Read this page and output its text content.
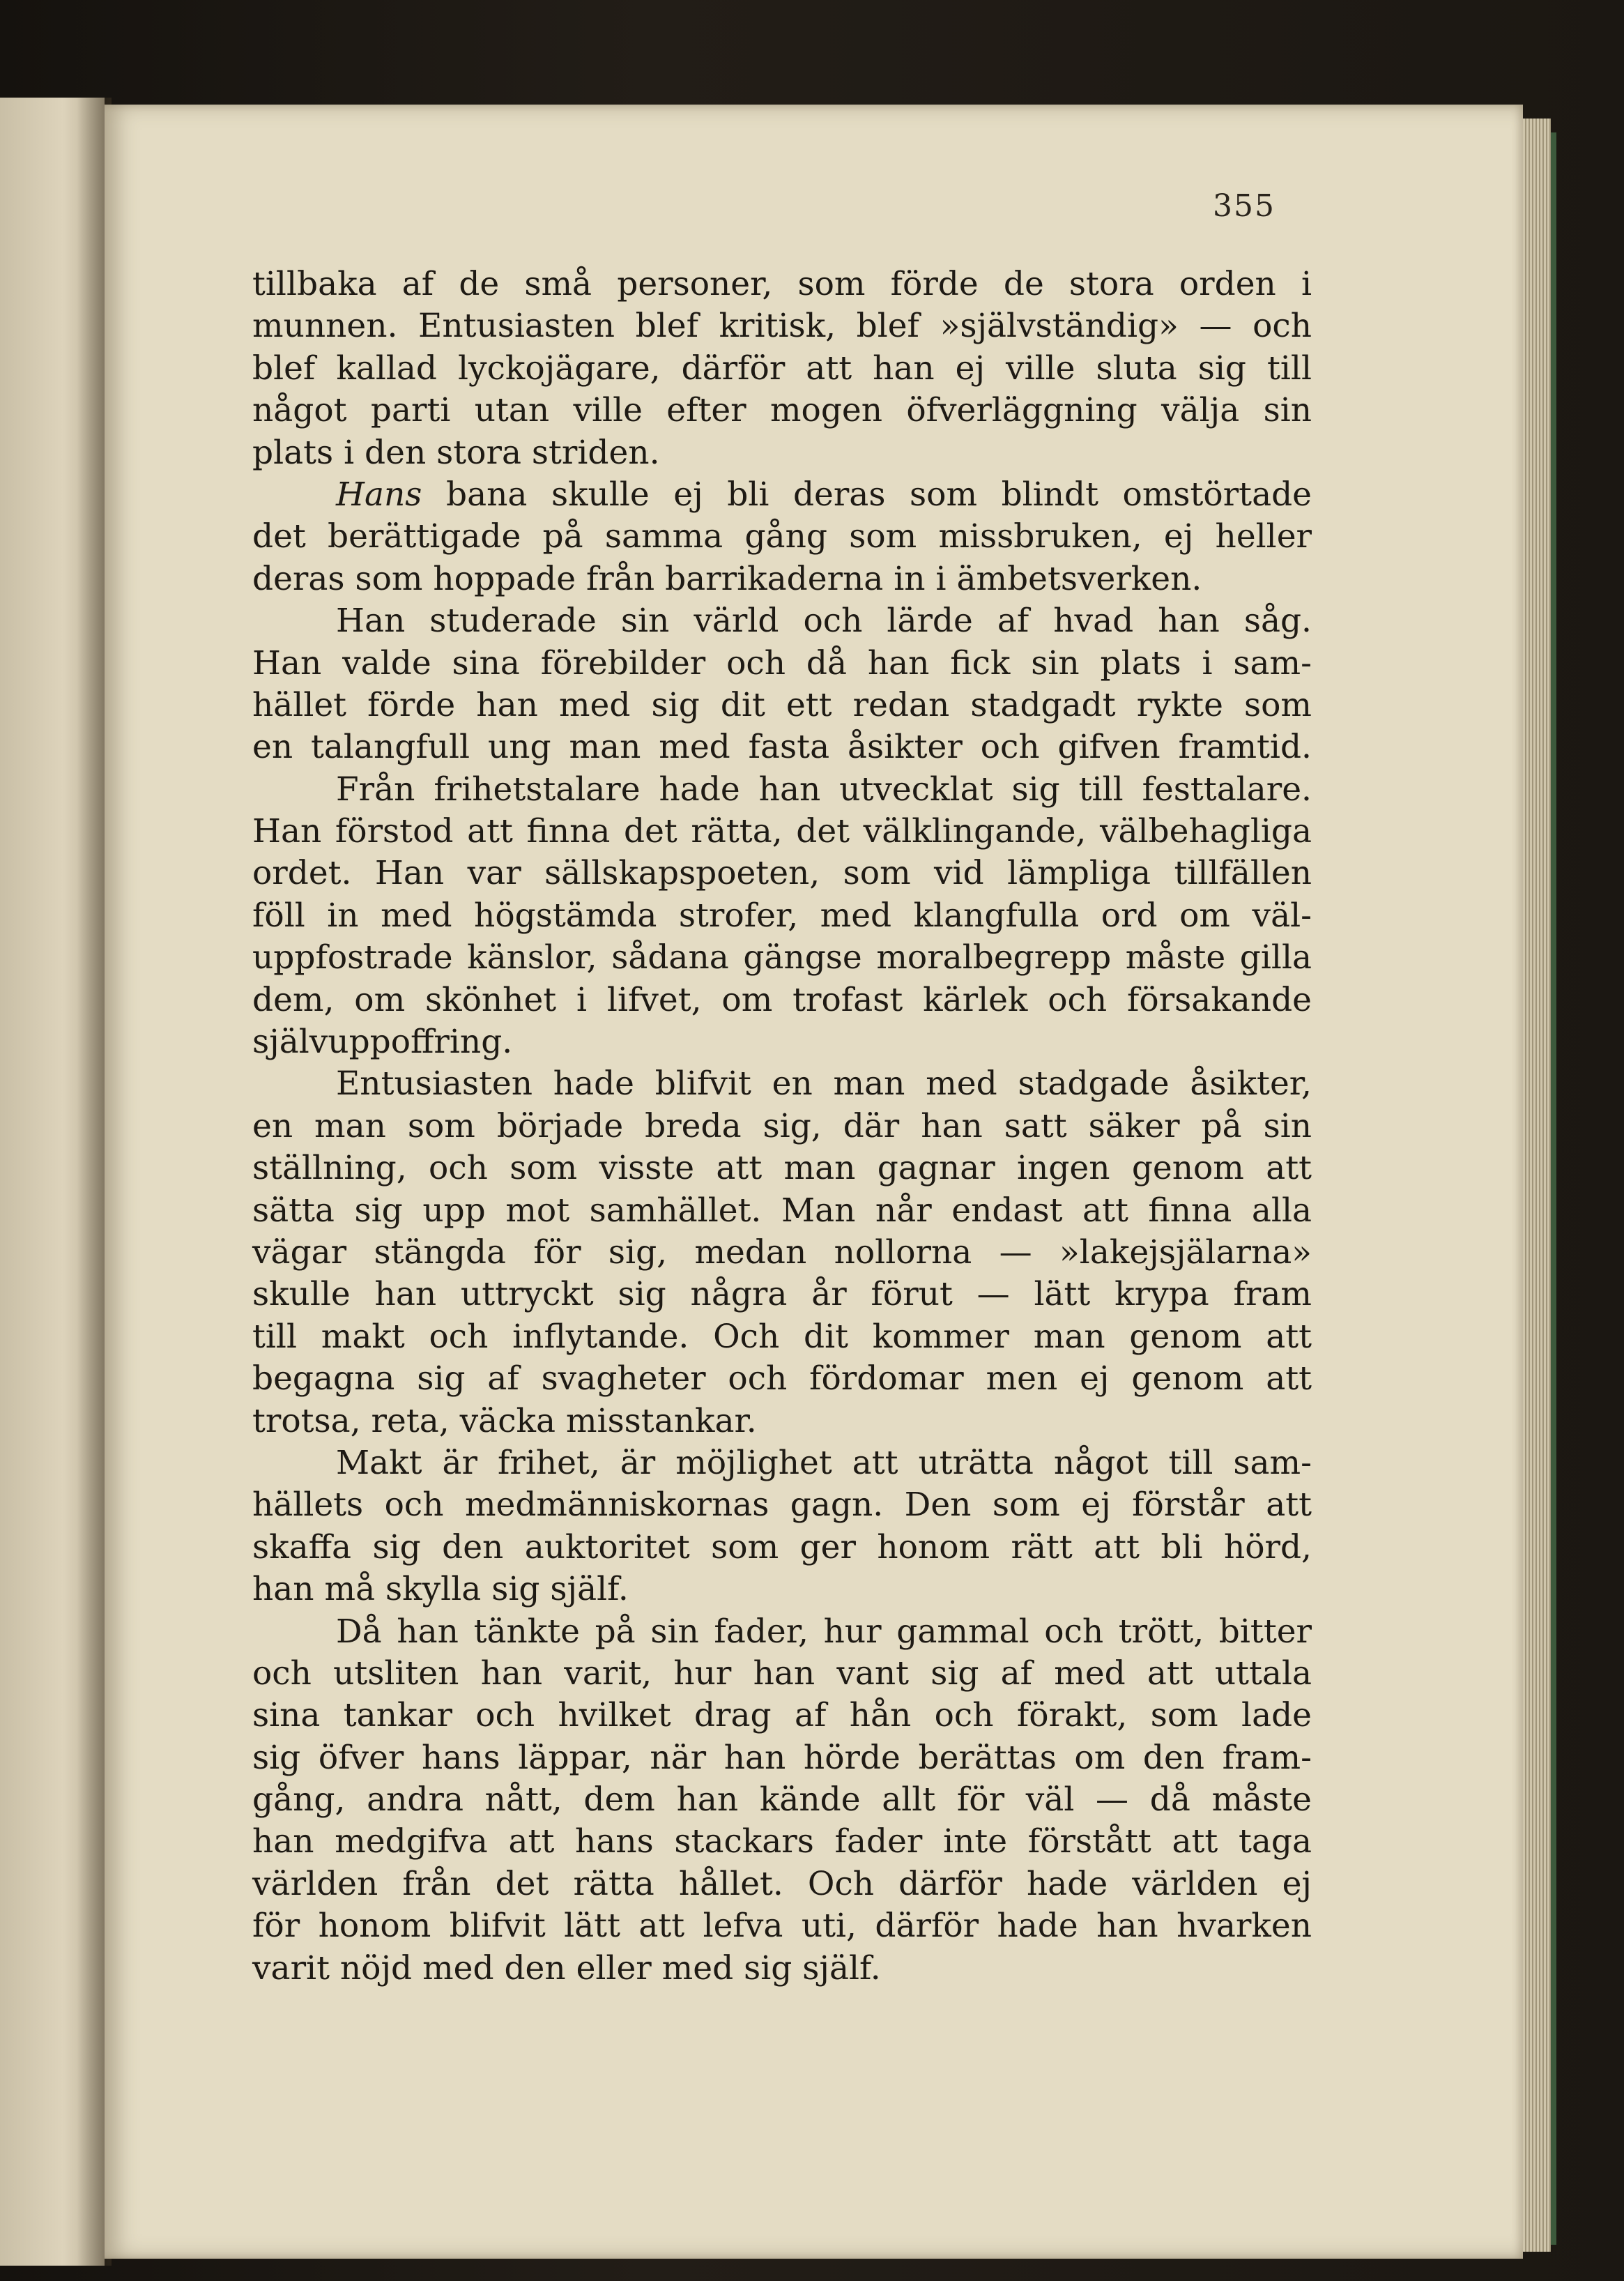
355
tillbaka af de små personer, som förde de stora orden i
munnen. Entusiasten blef kritisk, blef »självständig» — och
blef kallad lyckojägare, därför att han ej ville sluta sig till
något parti utan ville efter mogen öfverläggning välja sin
plats i den stora striden.
Hans bana skulle ej bli deras som blindt omstörtade
det berättigade på samma gång som missbruken, ej heller
deras som hoppade från barrikaderna in i ämbetsverken.
Han studerade sin värld och lärde af hvad han såg.
Han valde sina förebilder och då han fick sin plats i sam-
hället förde han med sig dit ett redan stadgadt rykte som
en talangfull ung man med fasta åsikter och gifven framtid.
Från frihetstalare hade han utvecklat sig till festtalare.
Han förstod att finna det rätta, det välklingande, välbehagliga
ordet. Han var sällskapspoeten, som vid lämpliga tillfällen
föll in med högstämda strofer, med klangfulla ord om väl-
uppfostrade känslor, sådana gängse moralbegrepp måste gilla
dem, om skönhet i lifvet, om trofast kärlek och försakande
självuppoffring.
Entusiasten hade blifvit en man med stadgade åsikter,
en man som började breda sig, där han satt säker på sin
ställning, och som visste att man gagnar ingen genom att
sätta sig upp mot samhället. Man når endast att finna alla
vägar stängda för sig, medan nollorna — »lakejsjälarna»
skulle han uttryckt sig några år förut — lätt krypa fram
till makt och inflytande. Och dit kommer man genom att
begagna sig af svagheter och fördomar men ej genom att
trotsa, reta, väcka misstankar.
Makt är frihet, är möjlighet att uträtta något till sam-
hällets och medmänniskornas gagn. Den som ej förstår att
skaffa sig den auktoritet som ger honom rätt att bli hörd,
han må skylla sig själf.
Då han tänkte på sin fader, hur gammal och trött, bitter
och utsliten han varit, hur han vant sig af med att uttala
sina tankar och hvilket drag af hån och förakt, som lade
sig öfver hans läppar, när han hörde berättas om den fram-
gång, andra nått, dem han kände allt för väl — då måste
han medgifva att hans stackars fader inte förstått att taga
världen från det rätta hållet. Och därför hade världen ej
för honom blifvit lätt att lefva uti, därför hade han hvarken
varit nöjd med den eller med sig själf.
